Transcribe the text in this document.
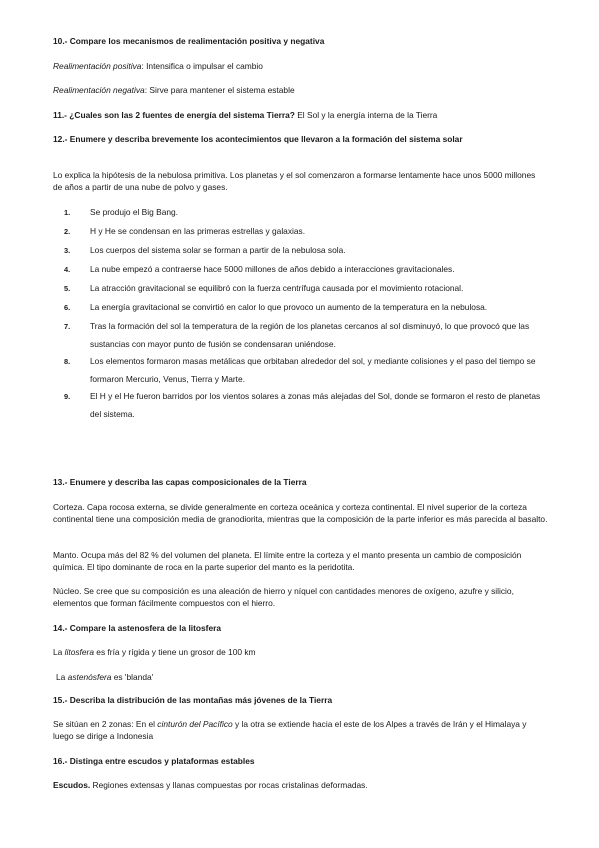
10.- Compare los mecanismos de realimentación positiva y negativa

Realimentación positiva: Intensifica o impulsar el cambio

Realimentación negativa: Sirve para mantener el sistema estable

11.- ¿Cuales son las 2 fuentes de energía del sistema Tierra? El Sol y la energía interna de la Tierra

12.- Enumere y describa brevemente los acontecimientos que llevaron a la formación del sistema solar

Lo explica la hipótesis de la nebulosa primitiva. Los planetas y el sol comenzaron a formarse lentamente hace unos 5000 millones de años a partir de una nube de polvo y gases.

1. Se produjo el Big Bang.
2. H y He se condensan en las primeras estrellas y galaxias.
3. Los cuerpos del sistema solar se forman a partir de la nebulosa sola.
4. La nube empezó a contraerse hace 5000 millones de años debido a interacciones gravitacionales.
5. La atracción gravitacional se equilibró con la fuerza centrífuga causada por el movimiento rotacional.
6. La energía gravitacional se convirtió en calor lo que provoco un aumento de la temperatura en la nebulosa.
7. Tras la formación del sol la temperatura de la región de los planetas cercanos al sol disminuyó, lo que provocó que las sustancias con mayor punto de fusión se condensaran uniéndose.
8. Los elementos formaron masas metálicas que orbitaban alrededor del sol, y mediante colisiones y el paso del tiempo se formaron Mercurio, Venus, Tierra y Marte.
9. El H y el He fueron barridos por los vientos solares a zonas más alejadas del Sol, donde se formaron el resto de planetas del sistema.

13.- Enumere y describa las capas composicionales de la Tierra

Corteza. Capa rocosa externa, se divide generalmente en corteza oceánica y corteza continental. El nivel superior de la corteza continental tiene una composición media de granodiorita, mientras que la composición de la parte inferior es más parecida al basalto.

Manto. Ocupa más del 82 % del volumen del planeta. El límite entre la corteza y el manto presenta un cambio de composición química. El tipo dominante de roca en la parte superior del manto es la peridotita.

Núcleo. Se cree que su composición es una aleación de hierro y níquel con cantidades menores de oxígeno, azufre y silicio, elementos que forman fácilmente compuestos con el hierro.

14.- Compare la astenosfera de la litosfera

La litosfera es fría y rígida y tiene un grosor de 100 km

La astenósfera es 'blanda'

15.- Describa la distribución de las montañas más jóvenes de la Tierra

Se sitúan en 2 zonas: En el cinturón del Pacífico y la otra se extiende hacia el este de los Alpes a través de Irán y el Himalaya y luego se dirige a Indonesia

16.- Distinga entre escudos y plataformas estables

Escudos. Regiones extensas y llanas compuestas por rocas cristalinas deformadas.
